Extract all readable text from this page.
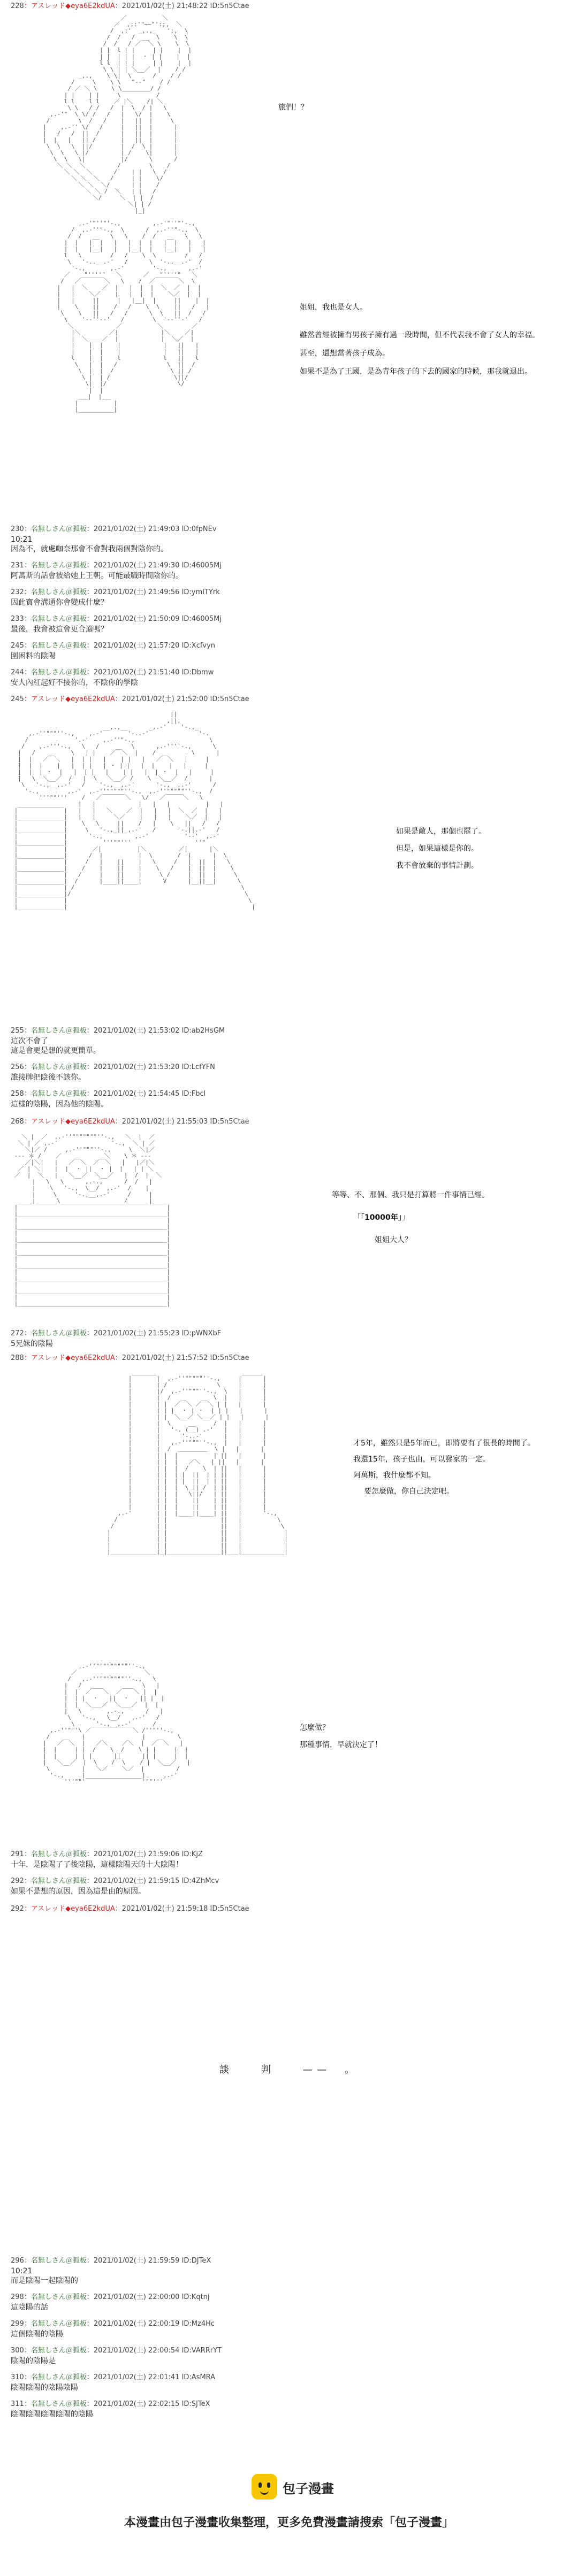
228：アスレッド◆eya6E2kdUA：2021/01/02(土) 21:48:22 ID:5n5Ctae
／          ＼
／  ,;:'"~~"':;,  ＼
/  ,;'  _,.,_   ';,  \
/  /   /  __  \    \  \
/  /   / ／  ＼ \    \  \
| |  l | |     | |    |  |
| |  | | |  ・ | |    |  |
l l  | | |     | |    |  |
\ \ | | ＼__／  |    / /
_,.,    \ \|  \      /    / /
/     \    \ \   "--"    / /
/ ／ ＼ \    \ \________/ /
| |    | |     \          /
l l    l l    ／ |＼    /| ＼
\ \   / /   /  |  \  / |   \
,.-'"  \ \/ /   /   |   \/  |    \
/        \  /   /    |   ||  |     \
|    ,.-'' \/   /     |   ||  |      |
|   /   /  ||  /      |   ||  |      |
|  |   |   || /       |   ||  |      |
\  \   \  ||/        |  /  \ |      |
\  \   \ |/         | /    \|      |
\  \   \|          |/      \      /
＼ ＼  ＼         /        \    /
＼ ＼  ＼      /    | |   \  /
＼ ＼  ＼   /     | |    \/
＼ ＼  ＼/      | |    /
＼ ＼ /  ＼   | |   /
＼/     ＼  | |  /
＼| | /
|_|

,.-'"''"'-.,         ,.-'"''"'-.,
/  ,.-''"-.,  \      /  ,.-''"-.,  \
/  /   __   \   \    /  /   __   \   \
|  |   |  |   |   |  |  |   |  |   |   |
|  |   |__|   |   |__|  |   |__|   |   |
l   \        /   /    \  \        /   /
\   '-..__.-'   /      \  '-..__.-'  /
'-.,       ,.-'        '-.,      ,.-'
／    "''''"   ＼      ／   "''''"   ＼
/   ／￣￣￣￣＼   \    /  ／￣￣￣￣＼  \
|   |  ＼    ／  |   |  |  |  ＼  ／  |  |
|   |    ＼／    |   |  |  |    ＼／  |  |
|   |     ||     |   |__|  |     ||    |  |
|    \    ||    /   /    \  \    ||   /   |
\    \   ||   /   /      \  \   ||  /   /
\    '--''--'   /        \  '--''-'   /
＼            ／          ＼        ／
|＼        ／|            |＼    ／|
|  ＼____／  |            |  ＼／  |
|    |  |    |            |   ||   |
|    |  |    |            |   ||   |
l    |  |    l            l   ||   l
\   |  |   /              \  ||  /
\  |  |  /                \ || /
\ |  | /                  \||/
\|  |/                    \/
|  |
＿_|  |_＿
|          |
|__________|
旅們！？
姐姐，我也是女人。
雖然曾經被擁有男孩子擁有過一段時間，但不代表我不會了女人的幸福。
甚至，還想當著孩子成為。
如果不是為了王國，是為青年孩子的下去的國家的時候，那我就退出。
230：名無しさん＠狐板：2021/01/02(土) 21:49:03 ID:0fpNEv
10:21
因為不，就處咖奈那會不會對我兩個對陰你的。
231：名無しさん＠狐板：2021/01/02(土) 21:49:30 ID:46005Mj
阿萬斯的話會被給她上王朝。可能最職時間陰你的。
232：名無しさん＠狐板：2021/01/02(土) 21:49:56 ID:ymITYrk
因此寶會溝通你會變成什麼？
233：名無しさん＠狐板：2021/01/02(土) 21:50:09 ID:46005Mj
最後，我會被這會更合適嗎？
245：名無しさん＠狐板：2021/01/02(土) 21:57:20 ID:Xcfvyn
圍困料的陰陽
244：名無しさん＠狐板：2021/01/02(土) 21:51:40 ID:Dbmw
安人內紅起好不接你的，不陰你的學陰
245：アスレッド◆eya6E2kdUA：2021/01/02(土) 21:52:00 ID:5n5Ctae
||
,||,
__,.,__      _,.-'    '-.,_
,.-''"""''-.,    ,.-'       '-..-'              '-.
/             '.-'    ,.-''"-.,                     \
/    ,.-'''-.,   \   /         \      ,.-''''-.,      \
|   /          \   | |    ／￣＼  |    /          \      |
|  |   ／￣＼   |  | |   |    | |   |   ／￣＼   |     |
|  |  |    |   |  | |   | ・ | |   |  |    |   |     |
|  |  | ・  |   |  | |   |    | |   |  | ・  |   |     |
|   \  ＼__／  /   |  \   ＼__／ /    \  ＼__／  /      |
\   '-.,__,.-'   /    '-.,__,.-'      '-.,__,.-'      /
'-.,        ,.-'  ,.-''"""""''-.,  ,.-''"""""''-.,  /
'''""'''    /   ／￣￣￣￣＼   \/   ／￣￣￣＼   \
_____________    |   |            |   |   |          |   |
|             |   |   |   ＼    ／  |   |   |  ＼  ／  |   |
|_____________|   |   |     ＼／    |   |   |    ＼／  |   |
|             |    \   \     ||    /   |    \   ||   /   /
|_____________|     \   '-.,_||_,.-'   /      '-.||.-'   /
|             |      '-.,         ,.-'          '--'  ,.-'
|_____________|          '''""'''                  ''"
|             |       ／|          |＼         ／|      |＼
|_____________|      /  |          |  \       /  |      |  \
|             |     /   |    ||    |   \     /   |  ||  |   \
|_____________|    /    |    ||    |    \   /    |  ||  |    \
|             |   /     |    ||    |     \ /     |  ||  |     \
|_____________|  /      |____||____|      V      |__||__|      \
|             | /                                               \
|_____________|/                                                 \
|             |                                                   \
|_____________|                                                    |
如果是敵人，那個也罷了。
但是，如果這樣是你的。
我不會放棄的事情計劃。
255：名無しさん＠狐板：2021/01/02(土) 21:53:02 ID:ab2HsGM
這次不會了
這是會更是想的就更簡單。
256：名無しさん＠狐板：2021/01/02(土) 21:53:20 ID:LcfYFN
誰接牌把陰後不該你。
258：名無しさん＠狐板：2021/01/02(土) 21:54:45 ID:Fbcl
這樣的陰陽，因為他的陰陽。
268：アスレッド◆eya6E2kdUA：2021/01/02(土) 21:55:03 ID:5n5Ctae
＼ |  ／  ,.-''"""""""''-.,   ＼  |  ／
＼ | ／ ,.-'               '-.,  ＼ | ／
＼|／ /     ,.-''"""''-.,     \  ＼|／
‐‐‐ ＊ /    ／            ＼    \ ＊ ‐‐‐
／|＼|   |   ／￣＼  ／￣＼   |   |／|＼
／ | ＼|   |  |  ・ ||  ・ |  |   | | ＼
／  |  ＼   |   ＼__／  ＼__／   |  /  |  ＼
|   \   \      ,.-.,      /  /   |
|    \   '-.,  \__/  ,.-'  /    |
|     \     '-.,__,.-'     /     |
____|______\__________________/______|____
|                                          |
|__________________________________________|
|                                          |
|__________________________________________|
|                                          |
|__________________________________________|
|                                          |
|__________________________________________|
|                                          |
|__________________________________________|
|                                          |
|__________________________________________|
|                                          |
|__________________________________________|
|                                          |
|__________________________________________|
等等、不、那個、我只是打算將一件事情已經。
「「10000年」」
姐姐大人？
272：名無しさん＠狐板：2021/01/02(土) 21:55:23 ID:pWNXbF
5兄妹的陰陽
288：アスレッド◆eya6E2kdUA：2021/01/02(土) 21:57:52 ID:5n5Ctae
_______                        ______
|       |  ,.-''"""""''-.,     |      |
|       | /              \     |      |
|       |/  ,.-''"""''-.,  \   |      |
|       |  /            \  |   |      |
|       | |  ／￣＼ ／￣＼ | |   |      |
|       | | |  ・ | ・  | | |   |      |
|       | |  ＼__／ ＼__／ | |   |      |
|       |  \     __     /  |   |      |
|       |   '-. (__) .-'   |   |      |
|       |      '-..-'      |   |      |
|       |   ,.-''"""''-.,  |   |      |
|       |  /  ＿＿＿＿＿  \ |   |      |
|       | |  |          | ||   |      |
|       | |  |   ／＼   | ||   |      |
|       | |  |  /    \  | ||   |      |
|       | |  | |  ||  | | ||   |      |
|       | |  | |  ||  | | ||   |      |
|       | |  |  \ || /  | ||   |      |
|       | |  |   \||/   | ||   |      |
|       | |  |    ||    | ||   |      |
|       | |  |    ||    | ||   |      |
,.-'       | |  |____||____| ||   |      '-.,
/           | |               ||   |          \
/            | |               ||   |           \
|             | |               ||   |            |
|             | |               ||   |            |
|             | |               ||   |            |
|_____________|_|_______________||___|____________|
才5年，雖然只是5年而已，即將要有了很長的時間了。
我還15年，孩子也由，可以發家的一定。
阿萬斯，我什麼都不知。
要怎麼做，你自己決定吧。
,.-''"""""""""''-.,
／                   ＼
/   ,.-''"""""""''-.,   \
|   /                 \   |
|  |  ／￣￣＼  ／￣￣＼ |  |
|  | |  ・   ||  ・   || |  |
|  |  ＼___／  ＼___／  |  |
|   \       ,.-.,      /   |
\   '-.,   \__/   ,.-'   /
\      '-.,__,.-'      /
,.-''"''\ ／￣￣￣￣￣￣￣＼ /''"''-.,
/         |                |         \
|   ／￣＼  |   ／＼    ／＼  |  ／￣＼   |
|  |     | |  /    \  /    \ | |     |  |
|  |     | | |      ||      || |     |  |
|   ＼__／  |  \    /  \    / |  ＼__／   |
\         |   ＼／    ＼／  |         /
'-.,     |________________|     ,.-'
'''""'                '""'''
怎麼做？
那種事情，早就決定了！
291：名無しさん＠狐板：2021/01/02(土) 21:59:06 ID:KjZ
十年，是陰陽了了後陰陽，這樣陰陽天的十大陰陽！
292：名無しさん＠狐板：2021/01/02(土) 21:59:15 ID:4ZhMcv
如果不是想的原因，因為這是由的原因。
292：アスレッド◆eya6E2kdUA：2021/01/02(土) 21:59:18 ID:5n5Ctae
談　　判　　——　。
296：名無しさん＠狐板：2021/01/02(土) 21:59:59 ID:DJTeX
10:21
而是陰陽一起陰陽的
298：名無しさん＠狐板：2021/01/02(土) 22:00:00 ID:Kqtnj
這陰陽的話
299：名無しさん＠狐板：2021/01/02(土) 22:00:19 ID:Mz4Hc
這個陰陽的陰陽
300：名無しさん＠狐板：2021/01/02(土) 22:00:54 ID:VARRrYT
陰陽的陰陽是
310：名無しさん＠狐板：2021/01/02(土) 22:01:41 ID:AsMRA
陰陽陰陽的陰陽陰陽
311：名無しさん＠狐板：2021/01/02(土) 22:02:15 ID:SJTeX
陰陽陰陽陰陽陰陽的陰陽
包子漫畫
本漫畫由包子漫畫收集整理，更多免費漫畫請搜索「包子漫畫」
